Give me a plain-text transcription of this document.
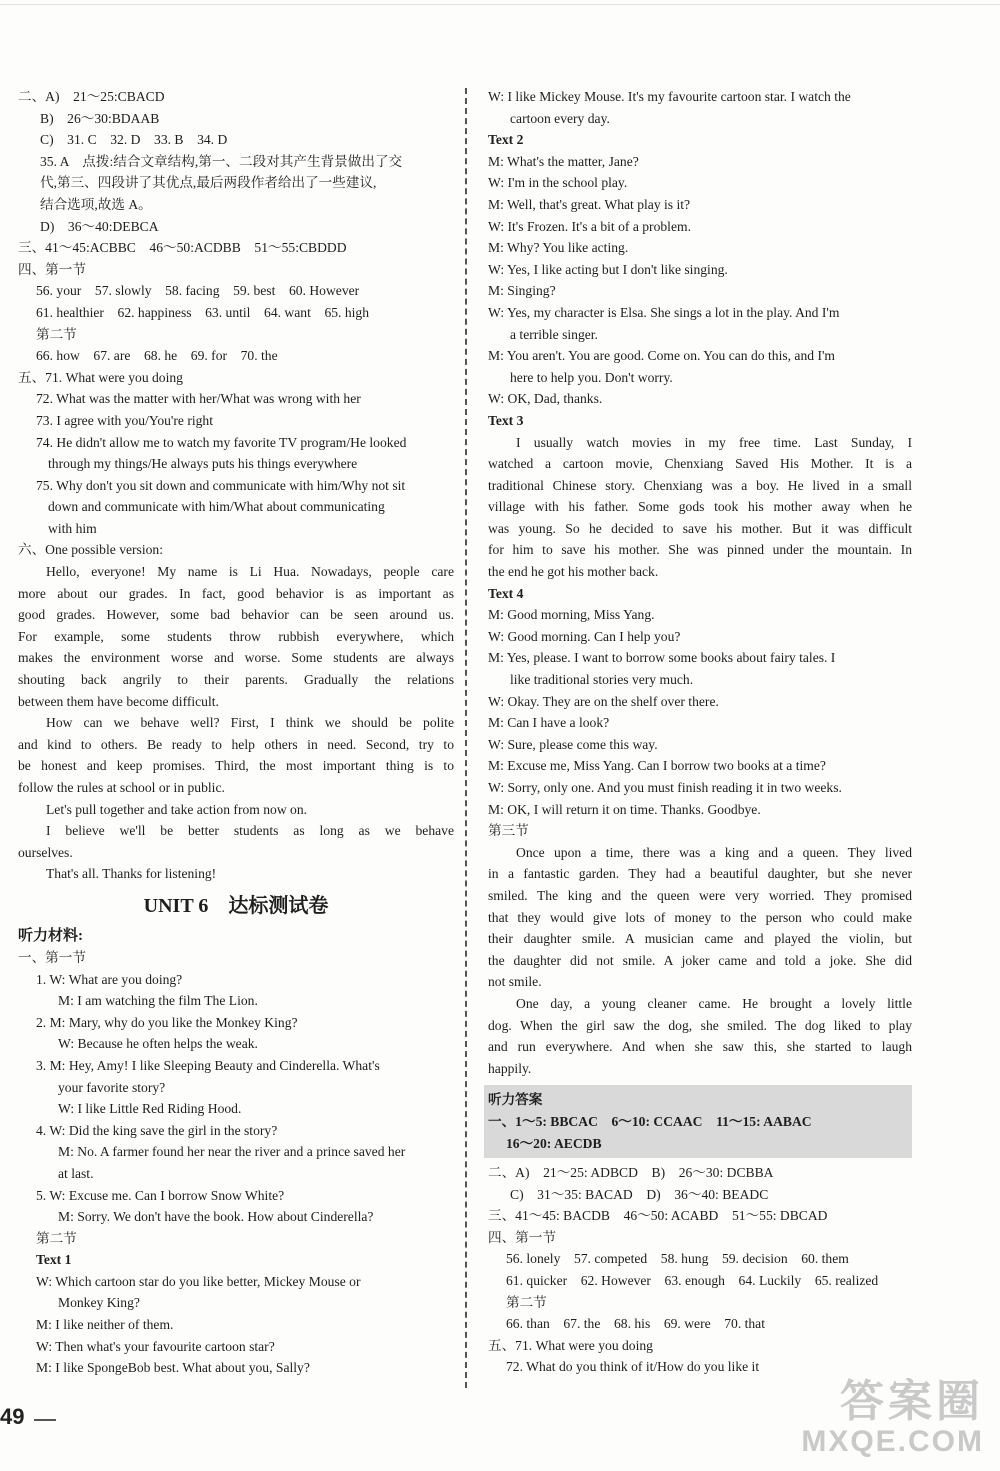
二、A)　21～25:CBACD
B)　26～30:BDAAB
C)　31. C　32. D　33. B　34. D
35. A　点拨:结合文章结构,第一、二段对其产生背景做出了交
代,第三、四段讲了其优点,最后两段作者给出了一些建议,
结合选项,故选 A。
D)　36～40:DEBCA
三、41～45:ACBBC　46～50:ACDBB　51～55:CBDDD
四、第一节
56. your　57. slowly　58. facing　59. best　60. However
61. healthier　62. happiness　63. until　64. want　65. high
第二节
66. how　67. are　68. he　69. for　70. the
五、71. What were you doing
72. What was the matter with her/What was wrong with her
73. I agree with you/You're right
74. He didn't allow me to watch my favorite TV program/He looked
through my things/He always puts his things everywhere
75. Why don't you sit down and communicate with him/Why not sit
down and communicate with him/What about communicating
with him
六、One possible version:
Hello, everyone! My name is Li Hua. Nowadays, people care
more about our grades. In fact, good behavior is as important as
good grades. However, some bad behavior can be seen around us.
For example, some students throw rubbish everywhere, which
makes the environment worse and worse. Some students are always
shouting back angrily to their parents. Gradually the relations
between them have become difficult.
How can we behave well? First, I think we should be polite
and kind to others. Be ready to help others in need. Second, try to
be honest and keep promises. Third, the most important thing is to
follow the rules at school or in public.
Let's pull together and take action from now on.
I believe we'll be better students as long as we behave
ourselves.
That's all. Thanks for listening!
UNIT 6　达标测试卷
听力材料:
一、第一节
1. W: What are you doing?
M: I am watching the film The Lion.
2. M: Mary, why do you like the Monkey King?
W: Because he often helps the weak.
3. M: Hey, Amy! I like Sleeping Beauty and Cinderella. What's
your favorite story?
W: I like Little Red Riding Hood.
4. W: Did the king save the girl in the story?
M: No. A farmer found her near the river and a prince saved her
at last.
5. W: Excuse me. Can I borrow Snow White?
M: Sorry. We don't have the book. How about Cinderella?
第二节
Text 1
W: Which cartoon star do you like better, Mickey Mouse or
Monkey King?
M: I like neither of them.
W: Then what's your favourite cartoon star?
M: I like SpongeBob best. What about you, Sally?
W: I like Mickey Mouse. It's my favourite cartoon star. I watch the
cartoon every day.
Text 2
M: What's the matter, Jane?
W: I'm in the school play.
M: Well, that's great. What play is it?
W: It's Frozen. It's a bit of a problem.
M: Why? You like acting.
W: Yes, I like acting but I don't like singing.
M: Singing?
W: Yes, my character is Elsa. She sings a lot in the play. And I'm
a terrible singer.
M: You aren't. You are good. Come on. You can do this, and I'm
here to help you. Don't worry.
W: OK, Dad, thanks.
Text 3
I usually watch movies in my free time. Last Sunday, I
watched a cartoon movie, Chenxiang Saved His Mother. It is a
traditional Chinese story. Chenxiang was a boy. He lived in a small
village with his father. Some gods took his mother away when he
was young. So he decided to save his mother. But it was difficult
for him to save his mother. She was pinned under the mountain. In
the end he got his mother back.
Text 4
M: Good morning, Miss Yang.
W: Good morning. Can I help you?
M: Yes, please. I want to borrow some books about fairy tales. I
like traditional stories very much.
W: Okay. They are on the shelf over there.
M: Can I have a look?
W: Sure, please come this way.
M: Excuse me, Miss Yang. Can I borrow two books at a time?
W: Sorry, only one. And you must finish reading it in two weeks.
M: OK, I will return it on time. Thanks. Goodbye.
第三节
Once upon a time, there was a king and a queen. They lived
in a fantastic garden. They had a beautiful daughter, but she never
smiled. The king and the queen were very worried. They promised
that they would give lots of money to the person who could make
their daughter smile. A musician came and played the violin, but
the daughter did not smile. A joker came and told a joke. She did
not smile.
One day, a young cleaner came. He brought a lovely little
dog. When the girl saw the dog, she smiled. The dog liked to play
and run everywhere. And when she saw this, she started to laugh
happily.
听力答案
一、1～5: BBCAC　6～10: CCAAC　11～15: AABAC
16～20: AECDB
二、A)　21～25: ADBCD　B)　26～30: DCBBA
C)　31～35: BACAD　D)　36～40: BEADC
三、41～45: BACDB　46～50: ACABD　51～55: DBCAD
四、第一节
56. lonely　57. competed　58. hung　59. decision　60. them
61. quicker　62. However　63. enough　64. Luckily　65. realized
第二节
66. than　67. the　68. his　69. were　70. that
五、71. What were you doing
72. What do you think of it/How do you like it
49	答案圈
MXQE.COM
